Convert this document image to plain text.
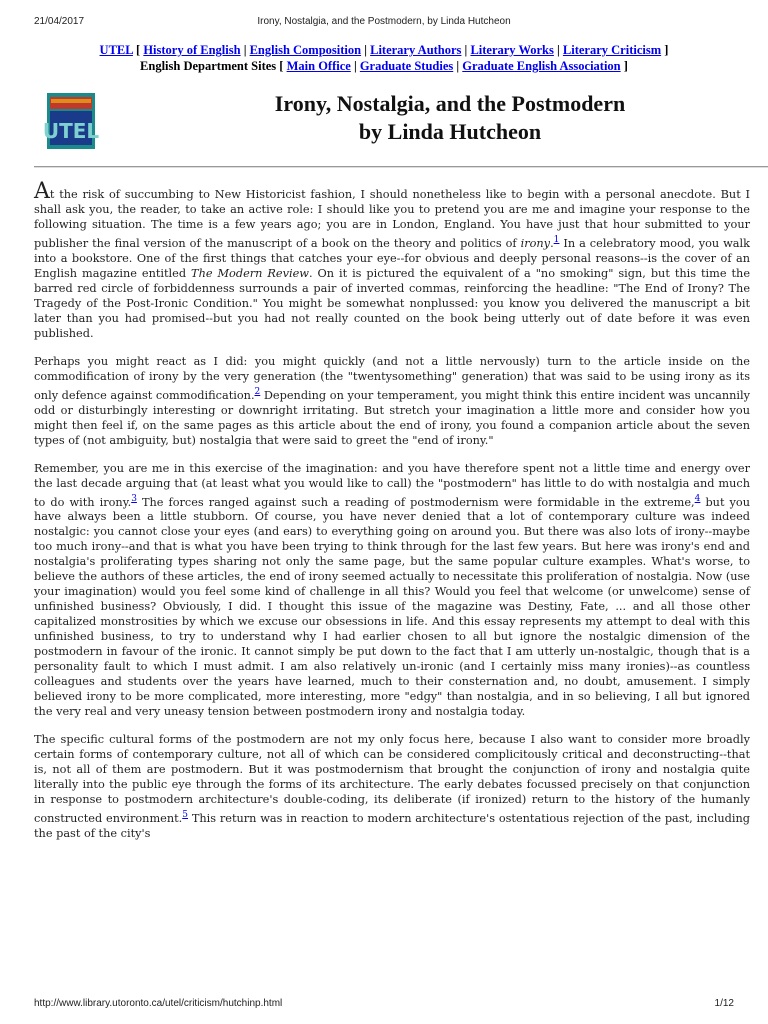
21/04/2017	Irony, Nostalgia, and the Postmodern, by Linda Hutcheon
UTEL [ History of English | English Composition | Literary Authors | Literary Works | Literary Criticism ]
English Department Sites [ Main Office | Graduate Studies | Graduate English Association ]
UTEL
Irony, Nostalgia, and the Postmodern
by Linda Hutcheon

At the risk of succumbing to New Historicist fashion, I should nonetheless like to begin with a personal anecdote. But I shall ask you, the reader, to take an active role: I should like you to pretend you are me and imagine your response to the following situation. The time is a few years ago; you are in London, England. You have just that hour submitted to your publisher the final version of the manuscript of a book on the theory and politics of irony.$^1$ In a celebratory mood, you walk into a bookstore. One of the first things that catches your eye--for obvious and deeply personal reasons--is the cover of an English magazine entitled The Modern Review. On it is pictured the equivalent of a "no smoking" sign, but this time the barred red circle of forbiddenness surrounds a pair of inverted commas, reinforcing the headline: "The End of Irony? The Tragedy of the Post-Ironic Condition." You might be somewhat nonplussed: you know you delivered the manuscript a bit later than you had promised--but you had not really counted on the book being utterly out of date before it was even published.

Perhaps you might react as I did: you might quickly (and not a little nervously) turn to the article inside on the commodification of irony by the very generation (the "twentysomething" generation) that was said to be using irony as its only defence against commodification.$^2$ Depending on your temperament, you might think this entire incident was uncannily odd or disturbingly interesting or downright irritating. But stretch your imagination a little more and consider how you might then feel if, on the same pages as this article about the end of irony, you found a companion article about the seven types of (not ambiguity, but) nostalgia that were said to greet the "end of irony."

Remember, you are me in this exercise of the imagination: and you have therefore spent not a little time and energy over the last decade arguing that (at least what you would like to call) the "postmodern" has little to do with nostalgia and much to do with irony.$^3$ The forces ranged against such a reading of postmodernism were formidable in the extreme,$^4$ but you have always been a little stubborn. Of course, you have never denied that a lot of contemporary culture was indeed nostalgic: you cannot close your eyes (and ears) to everything going on around you. But there was also lots of irony--maybe too much irony--and that is what you have been trying to think through for the last few years. But here was irony's end and nostalgia's proliferating types sharing not only the same page, but the same popular culture examples. What's worse, to believe the authors of these articles, the end of irony seemed actually to necessitate this proliferation of nostalgia. Now (use your imagination) would you feel some kind of challenge in all this? Would you feel that welcome (or unwelcome) sense of unfinished business? Obviously, I did. I thought this issue of the magazine was Destiny, Fate, ... and all those other capitalized monstrosities by which we excuse our obsessions in life. And this essay represents my attempt to deal with this unfinished business, to try to understand why I had earlier chosen to all but ignore the nostalgic dimension of the postmodern in favour of the ironic. It cannot simply be put down to the fact that I am utterly un-nostalgic, though that is a personality fault to which I must admit. I am also relatively un-ironic (and I certainly miss many ironies)--as countless colleagues and students over the years have learned, much to their consternation and, no doubt, amusement. I simply believed irony to be more complicated, more interesting, more "edgy" than nostalgia, and in so believing, I all but ignored the very real and very uneasy tension between postmodern irony and nostalgia today.

The specific cultural forms of the postmodern are not my only focus here, because I also want to consider more broadly certain forms of contemporary culture, not all of which can be considered complicitously critical and deconstructing--that is, not all of them are postmodern. But it was postmodernism that brought the conjunction of irony and nostalgia quite literally into the public eye through the forms of its architecture. The early debates focussed precisely on that conjunction in response to postmodern architecture's double-coding, its deliberate (if ironized) return to the history of the humanly constructed environment.$^5$ This return was in reaction to modern architecture's ostentatious rejection of the past, including the past of the city's

http://www.library.utoronto.ca/utel/criticism/hutchinp.html	1/12
